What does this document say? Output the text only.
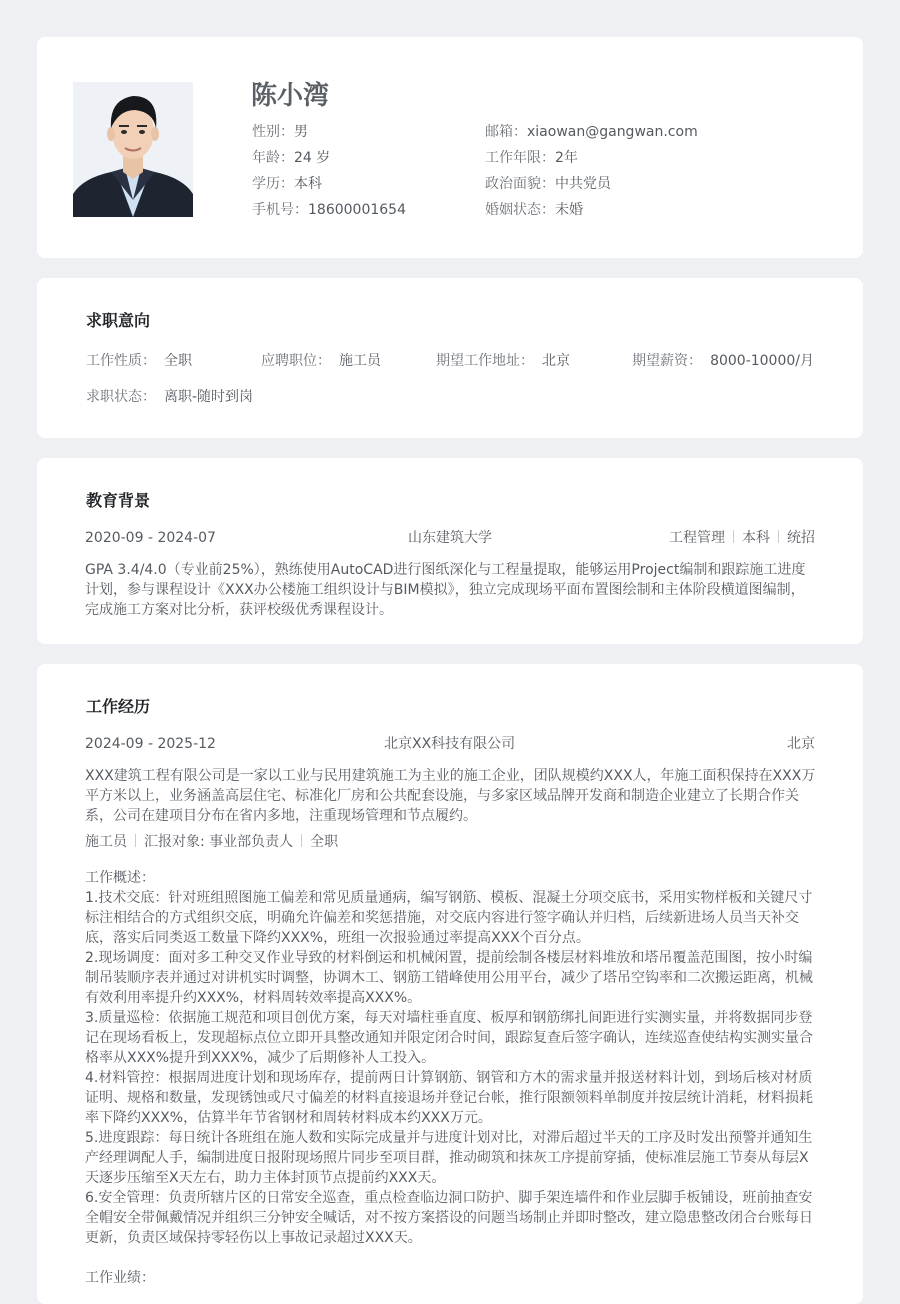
陈小湾
性别：男	邮箱：xiaowan@gangwan.com
年龄：24 岁	工作年限：2年
学历：本科	政治面貌：中共党员
手机号：18600001654	婚姻状态：未婚
求职意向
工作性质： 全职	应聘职位： 施工员	期望工作地址： 北京	期望薪资： 8000-10000/月
求职状态： 离职-随时到岗
教育背景
2020-09 - 2024-07	山东建筑大学	工程管理 本科 统招
GPA 3.4/4.0（专业前25%），熟练使用AutoCAD进行图纸深化与工程量提取，能够运用Project编制和跟踪施工进度
计划，参与课程设计《XXX办公楼施工组织设计与BIM模拟》，独立完成现场平面布置图绘制和主体阶段横道图编制，
完成施工方案对比分析，获评校级优秀课程设计。
工作经历
2024-09 - 2025-12	北京XX科技有限公司	北京
XXX建筑工程有限公司是一家以工业与民用建筑施工为主业的施工企业，团队规模约XXX人，年施工面积保持在XXX万
平方米以上，业务涵盖高层住宅、标准化厂房和公共配套设施，与多家区域品牌开发商和制造企业建立了长期合作关
系，公司在建项目分布在省内多地，注重现场管理和节点履约。
施工员 汇报对象: 事业部负责人 全职
工作概述：
1.技术交底：针对班组照图施工偏差和常见质量通病，编写钢筋、模板、混凝土分项交底书，采用实物样板和关键尺寸
标注相结合的方式组织交底，明确允许偏差和奖惩措施，对交底内容进行签字确认并归档，后续新进场人员当天补交
底，落实后同类返工数量下降约XXX%，班组一次报验通过率提高XXX个百分点。
2.现场调度：面对多工种交叉作业导致的材料倒运和机械闲置，提前绘制各楼层材料堆放和塔吊覆盖范围图，按小时编
制吊装顺序表并通过对讲机实时调整，协调木工、钢筋工错峰使用公用平台，减少了塔吊空钩率和二次搬运距离，机械
有效利用率提升约XXX%，材料周转效率提高XXX%。
3.质量巡检：依据施工规范和项目创优方案，每天对墙柱垂直度、板厚和钢筋绑扎间距进行实测实量，并将数据同步登
记在现场看板上，发现超标点位立即开具整改通知并限定闭合时间，跟踪复查后签字确认，连续巡查使结构实测实量合
格率从XXX%提升到XXX%，减少了后期修补人工投入。
4.材料管控：根据周进度计划和现场库存，提前两日计算钢筋、钢管和方木的需求量并报送材料计划，到场后核对材质
证明、规格和数量，发现锈蚀或尺寸偏差的材料直接退场并登记台帐，推行限额领料单制度并按层统计消耗，材料损耗
率下降约XXX%，估算半年节省钢材和周转材料成本约XXX万元。
5.进度跟踪：每日统计各班组在施人数和实际完成量并与进度计划对比，对滞后超过半天的工序及时发出预警并通知生
产经理调配人手，编制进度日报附现场照片同步至项目群，推动砌筑和抹灰工序提前穿插，使标准层施工节奏从每层X
天逐步压缩至X天左右，助力主体封顶节点提前约XXX天。
6.安全管理：负责所辖片区的日常安全巡查，重点检查临边洞口防护、脚手架连墙件和作业层脚手板铺设，班前抽查安
全帽安全带佩戴情况并组织三分钟安全喊话，对不按方案搭设的问题当场制止并即时整改，建立隐患整改闭合台账每日
更新，负责区域保持零轻伤以上事故记录超过XXX天。
工作业绩：
